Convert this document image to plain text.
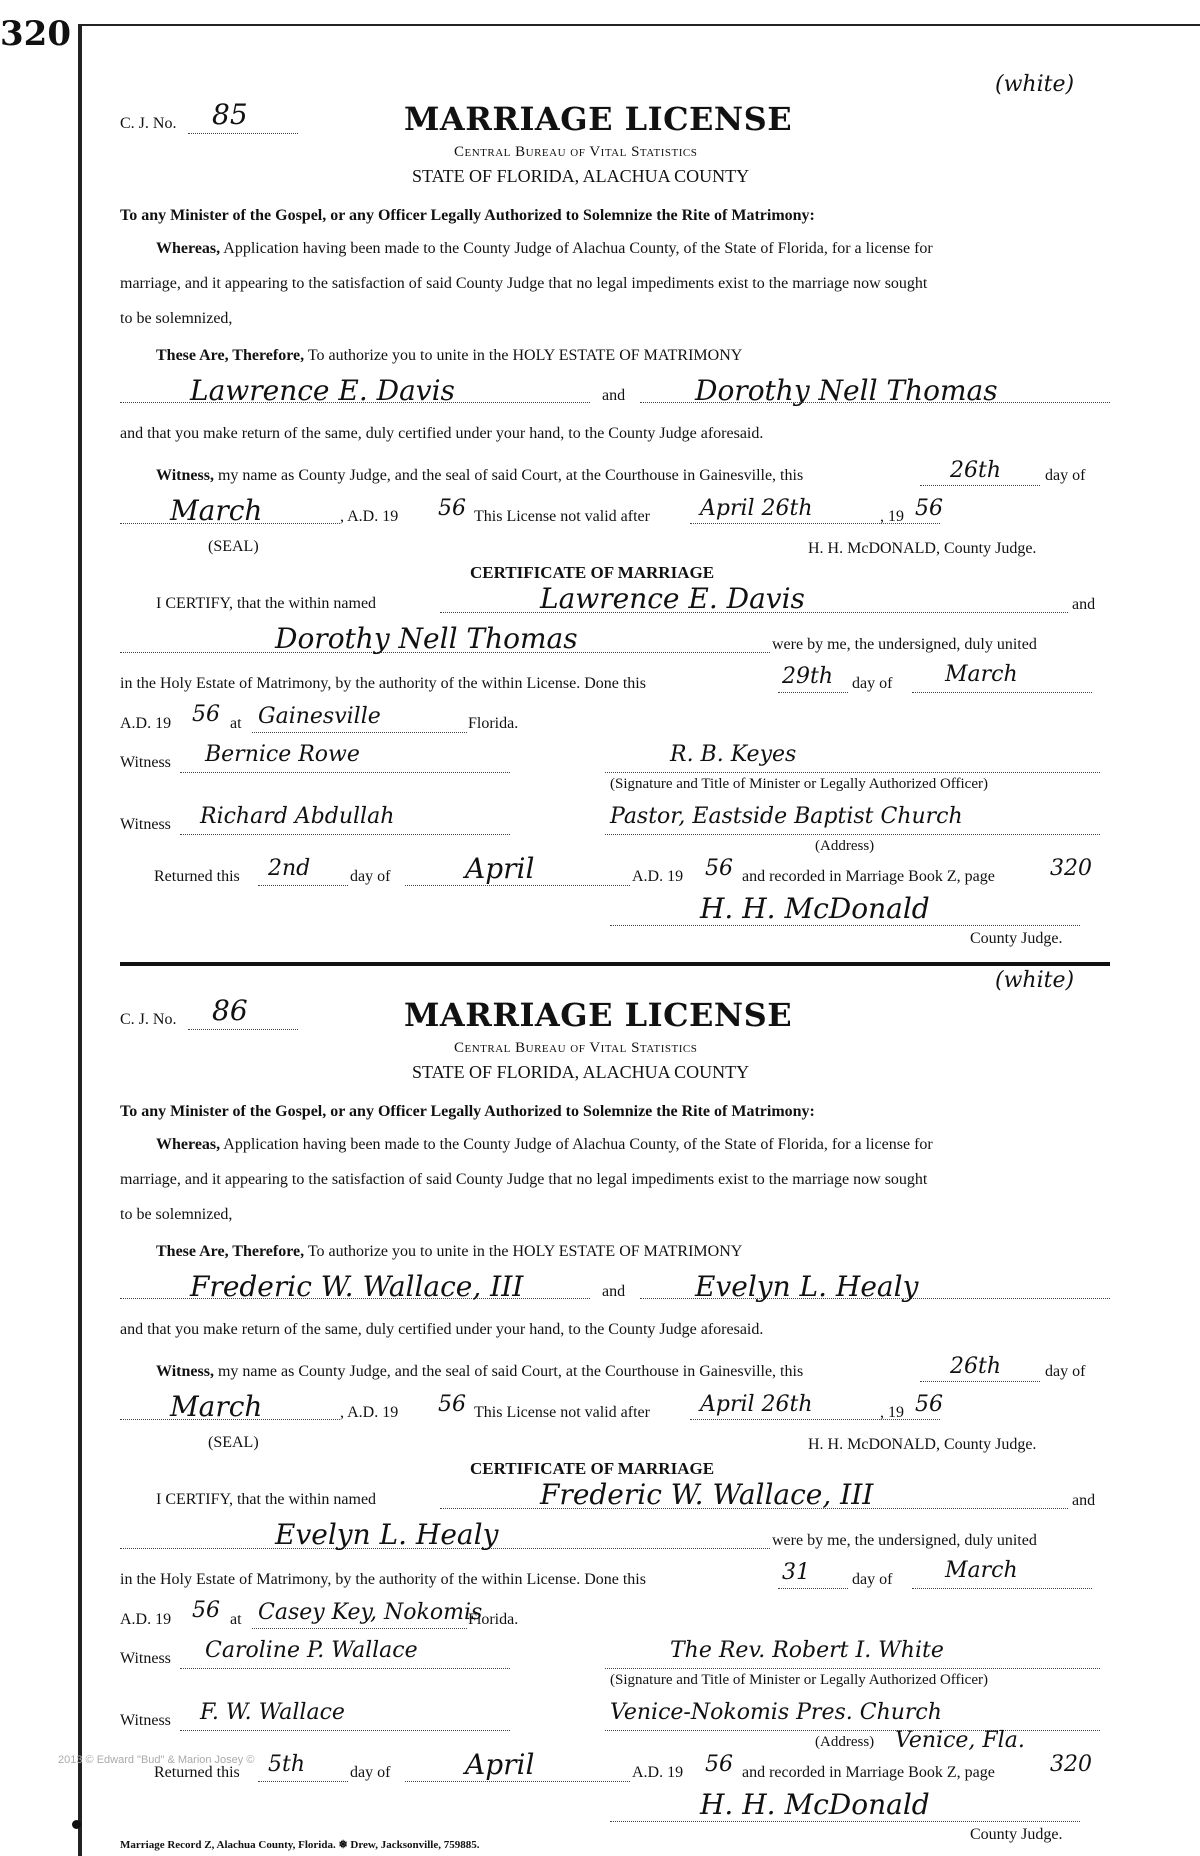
320
(white)
C. J. No. 85	MARRIAGE LICENSE
Central Bureau of Vital Statistics
STATE OF FLORIDA, ALACHUA COUNTY
To any Minister of the Gospel, or any Officer Legally Authorized to Solemnize the Rite of Matrimony:
Whereas, Application having been made to the County Judge of Alachua County, of the State of Florida, for a license for
marriage, and it appearing to the satisfaction of said County Judge that no legal impediments exist to the marriage now sought
to be solemnized,
These Are, Therefore, To authorize you to unite in the HOLY ESTATE OF MATRIMONY
Lawrence E. Davis	and Dorothy Nell Thomas
and that you make return of the same, duly certified under your hand, to the County Judge aforesaid.
Witness, my name as County Judge, and the seal of said Court, at the Courthouse in Gainesville, this	26th	day of
March	, A.D. 19 56 This License not valid after April 26th	, 19 56
(SEAL)	H. H. McDONALD, County Judge.
CERTIFICATE OF MARRIAGE
I CERTIFY, that the within named	Lawrence E. Davis	and
Dorothy Nell Thomas	were by me, the undersigned, duly united
in the Holy Estate of Matrimony, by the authority of the within License. Done this	29th day of March
A.D. 19 56 at Gainesville	Florida.
Witness Bernice Rowe	R. B. Keyes
(Signature and Title of Minister or Legally Authorized Officer)
Witness Richard Abdullah	Pastor, Eastside Baptist Church
(Address)
Returned this 2nd day of	April	A.D. 19 56 and recorded in Marriage Book Z, page	320
H. H. McDonald
County Judge.
(white)
C. J. No. 86	MARRIAGE LICENSE
Central Bureau of Vital Statistics
STATE OF FLORIDA, ALACHUA COUNTY
To any Minister of the Gospel, or any Officer Legally Authorized to Solemnize the Rite of Matrimony:
Whereas, Application having been made to the County Judge of Alachua County, of the State of Florida, for a license for
marriage, and it appearing to the satisfaction of said County Judge that no legal impediments exist to the marriage now sought
to be solemnized,
These Are, Therefore, To authorize you to unite in the HOLY ESTATE OF MATRIMONY
Frederic W. Wallace, III	and Evelyn L. Healy
and that you make return of the same, duly certified under your hand, to the County Judge aforesaid.
Witness, my name as County Judge, and the seal of said Court, at the Courthouse in Gainesville, this	26th	day of
March	, A.D. 19 56 This License not valid after April 26th	, 19 56
(SEAL)	H. H. McDONALD, County Judge.
CERTIFICATE OF MARRIAGE
I CERTIFY, that the within named	Frederic W. Wallace, III	and
Evelyn L. Healy	were by me, the undersigned, duly united
in the Holy Estate of Matrimony, by the authority of the within License. Done this	31	day of March
A.D. 19 56 at Casey Key, Nokomis
Florida.
Witness Caroline P. Wallace	The Rev. Robert I. White
(Signature and Title of Minister or Legally Authorized Officer)
Witness F. W. Wallace	Venice-Nokomis Pres. Church
(Address) Venice, Fla.
Returned this 5th	day of	April	A.D. 19 56 and recorded in Marriage Book Z, page	320
H. H. McDonald
County Judge.
2013 © Edward "Bud" & Marion Josey ©
Marriage Record Z, Alachua County, Florida. ❅ Drew, Jacksonville, 759885.
